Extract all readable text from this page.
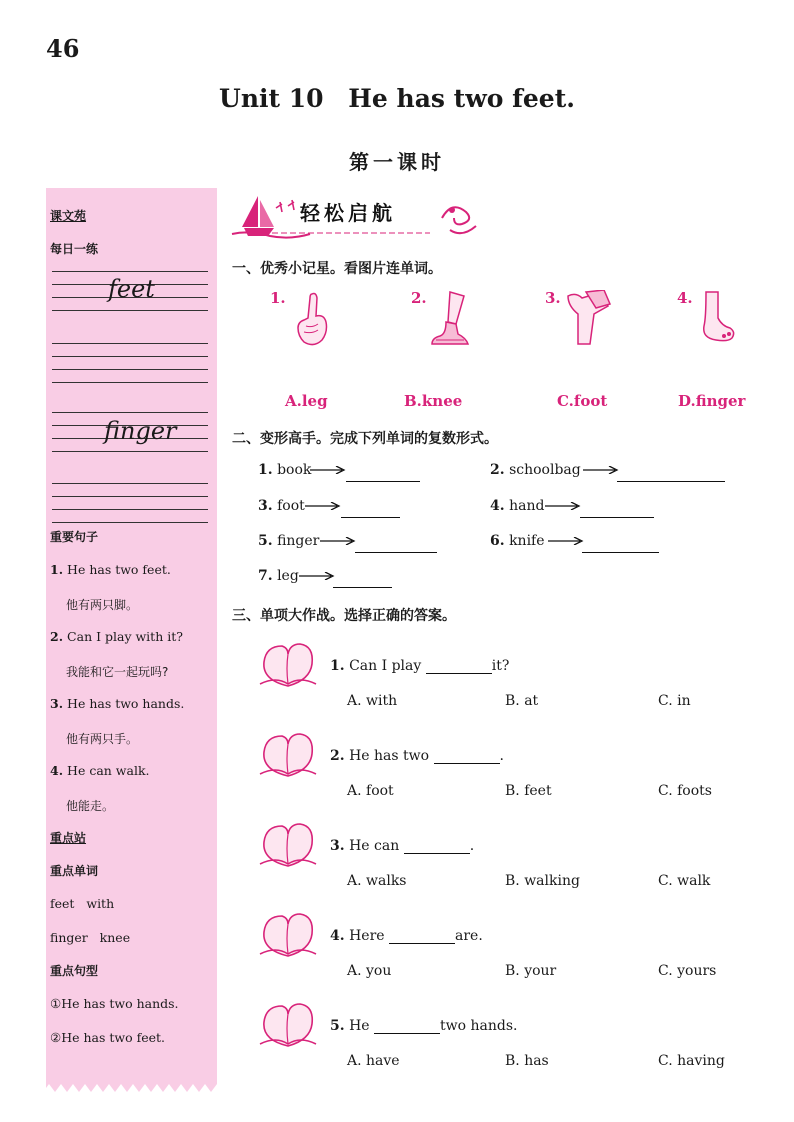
46
Unit 10 He has two feet.
第一课时
课文苑
每日一练
feet
finger
重要句子
1. He has two feet.
他有两只脚。
2. Can I play with it?
我能和它一起玩吗?
3. He has two hands.
他有两只手。
4. He can walk.
他能走。
重点站
重点单词
feet   with
finger   knee
重点句型
①He has two hands.
②He has two feet.
轻松启航
一、优秀小记星。看图片连单词。
1.	2.	3.	4.
A.leg	B.knee	C.foot	D.finger
二、变形高手。完成下列单词的复数形式。
1. book	2. schoolbag
3. foot	4. hand
5. finger	6. knife
7. leg
三、单项大作战。选择正确的答案。
1. Can I play	it?
A. with	B. at	C. in
2. He has two	.
A. foot	B. feet	C. foots
3. He can	.
A. walks	B. walking	C. walk
4. Here	are.
A. you	B. your	C. yours
5. He	two hands.
A. have	B. has	C. having
